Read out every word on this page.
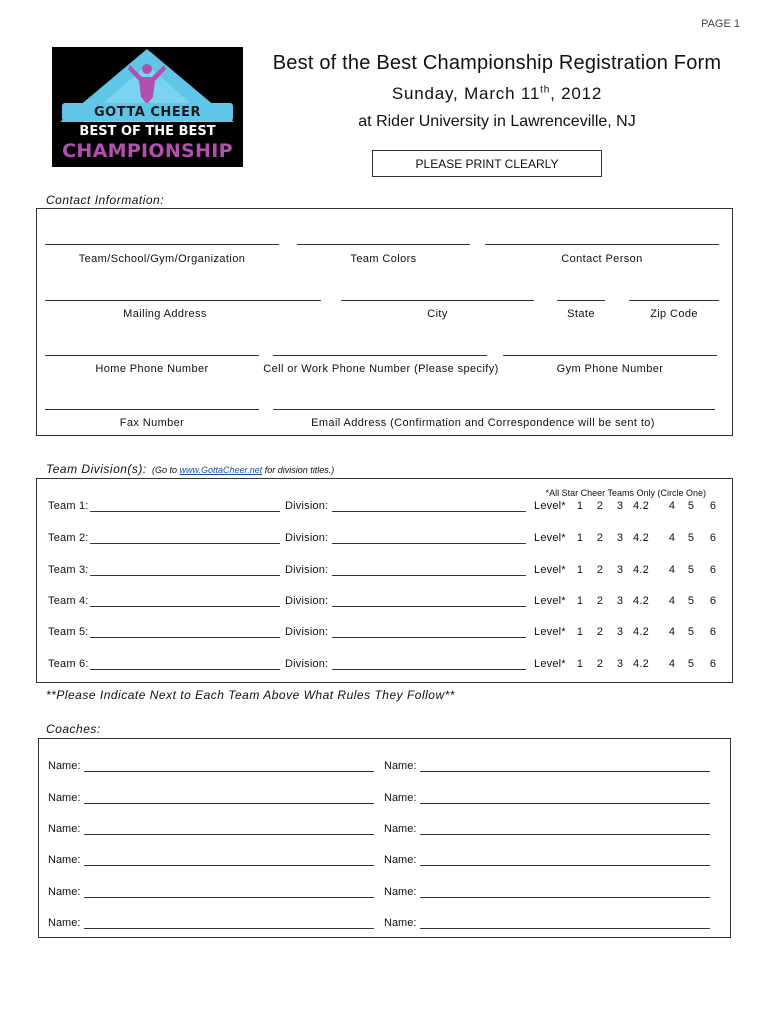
PAGE 1
GOTTA CHEER
BEST OF THE BEST
CHAMPIONSHIP
Best of the Best Championship Registration Form
Sunday, March 11th, 2012
at Rider University in Lawrenceville, NJ
PLEASE PRINT CLEARLY
Contact Information:
Team/School/Gym/Organization	Team Colors	Contact Person
Mailing Address	City	State	Zip Code
Home Phone Number	Cell or Work Phone Number (Please specify)	Gym Phone Number
Fax Number	Email Address (Confirmation and Correspondence will be sent to)
Team Division(s): (Go to www.GottaCheer.net for division titles.)
*All Star Cheer Teams Only (Circle One)
Team 1:	Division:	Level*	1	2	3 4.2	4	5	6
Team 2:	Division:	Level*	1	2	3 4.2	4	5	6
Team 3:	Division:	Level*	1	2	3 4.2	4	5	6
Team 4:	Division:	Level*	1	2	3 4.2	4	5	6
Team 5:	Division:	Level*	1	2	3 4.2	4	5	6
Team 6:	Division:	Level*	1	2	3 4.2	4	5	6
**Please Indicate Next to Each Team Above What Rules They Follow**
Coaches:
Name:	Name:
Name:	Name:
Name:	Name:
Name:	Name:
Name:	Name:
Name:	Name:
